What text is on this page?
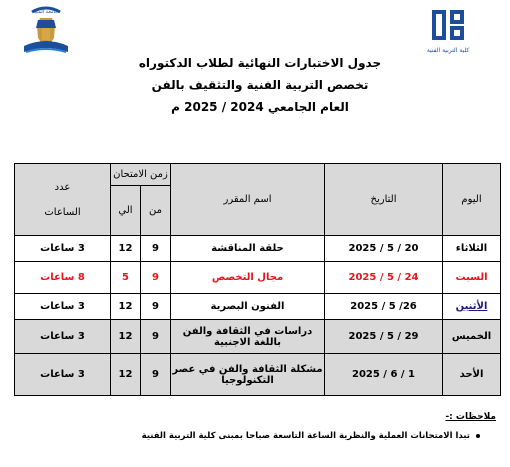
جامعة المنيا
كلية التربية الفنية
جدول الاختبارات النهائية لطلاب الدكتوراه
تخصص التربية الفنية والتثقيف بالفن
العام الجامعي 2024 / 2025 م
اليوم	التاريخ	اسم المقرر	زمن الامتحان		عدد
الساعات

			من	الي	
الثلاثاء	20 / 5 / 2025	حلقة المناقشة	9	12	3 ساعات
السبت	24 / 5 / 2025	مجال التخصص	9	5	8 ساعات
الأثنين	26/ 5 / 2025	الفنون البصرية	9	12	3 ساعات
الخميس	29 / 5 / 2025	دراسات في الثقافة والفن باللغة الاجنبية	9	12	3 ساعات
الأحد	1 / 6 / 2025	مشكلة الثقافة والفن في عصر التكنولوجيا	9	12	3 ساعات
ملاحظات :-
تبدا الامتحانات العملية والنظرية الساعة التاسعة صباحا بمبنى كلية التربية الفنية
